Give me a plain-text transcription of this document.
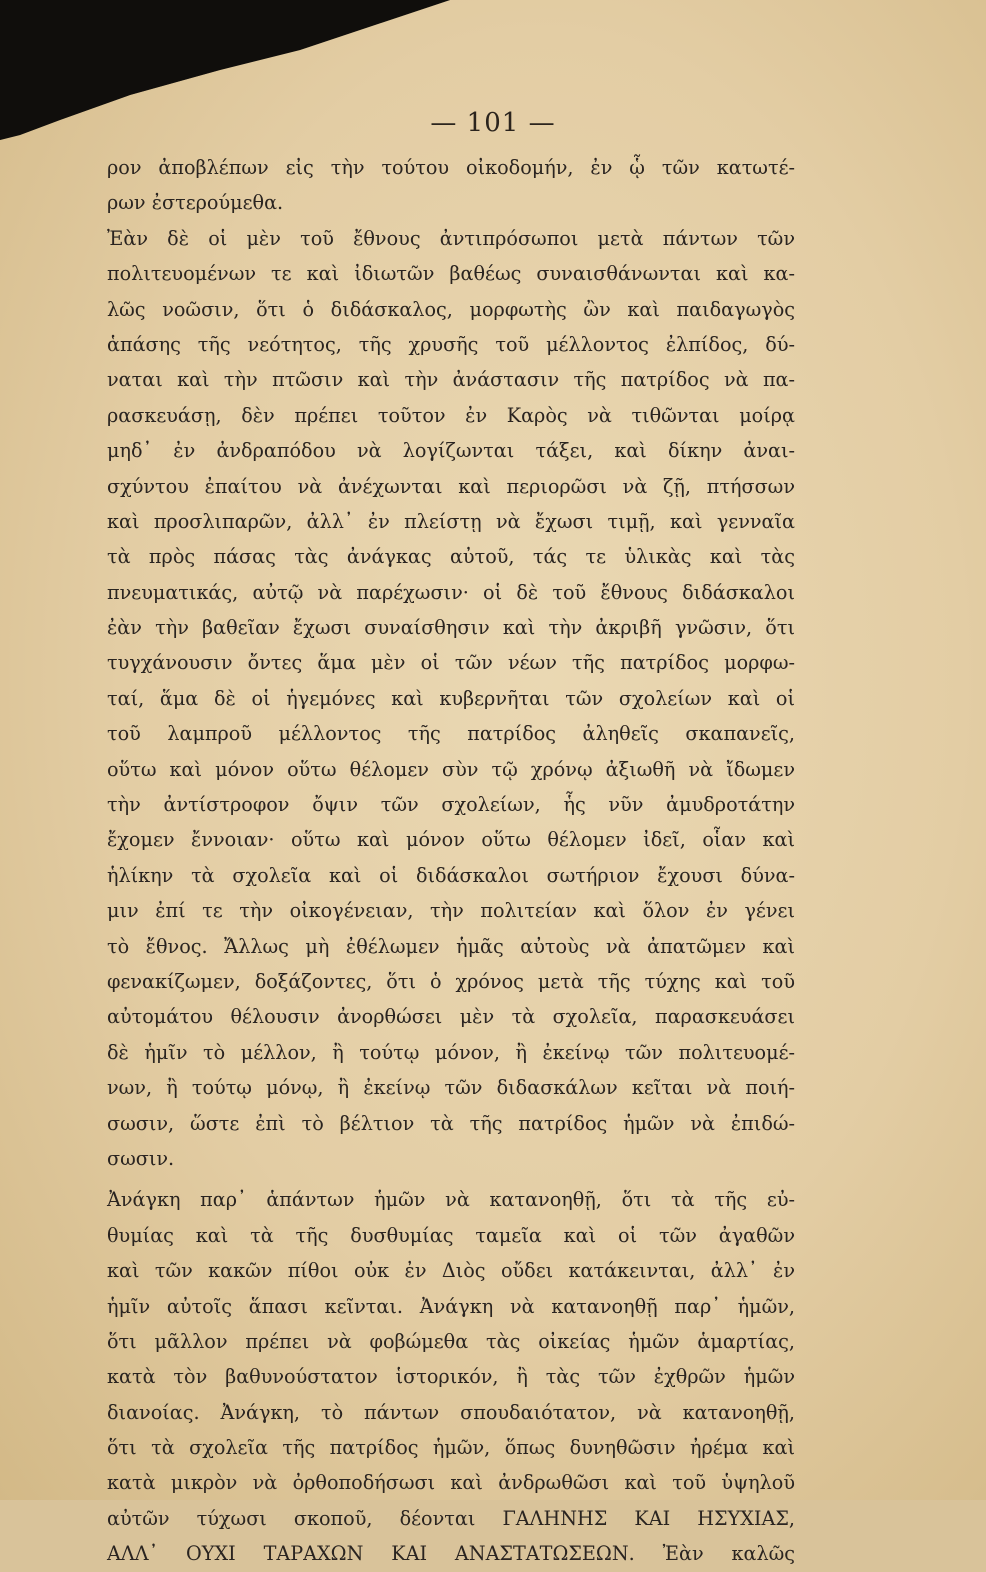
— 101 —
ρον ἀποβλέπων εἰς τὴν τούτου οἰκοδομήν, ἐν ᾧ τῶν κατωτέ-
ρων ἐστερούμεθα.
Ἐὰν δὲ οἱ μὲν τοῦ ἔθνους ἀντιπρόσωποι μετὰ πάντων τῶν
πολιτευομένων τε καὶ ἰδιωτῶν βαθέως συναισθάνωνται καὶ κα-
λῶς νοῶσιν, ὅτι ὁ διδάσκαλος, μορφωτὴς ὢν καὶ παιδαγωγὸς
ἁπάσης τῆς νεότητος, τῆς χρυσῆς τοῦ μέλλοντος ἐλπίδος, δύ-
ναται καὶ τὴν πτῶσιν καὶ τὴν ἀνάστασιν τῆς πατρίδος νὰ πα-
ρασκευάσῃ, δὲν πρέπει τοῦτον ἐν Καρὸς νὰ τιθῶνται μοίρᾳ
μηδ᾽ ἐν ἀνδραπόδου νὰ λογίζωνται τάξει, καὶ δίκην ἀναι-
σχύντου ἐπαίτου νὰ ἀνέχωνται καὶ περιορῶσι νὰ ζῇ, πτήσσων
καὶ προσλιπαρῶν, ἀλλ᾽ ἐν πλείστῃ νὰ ἔχωσι τιμῇ, καὶ γενναῖα
τὰ πρὸς πάσας τὰς ἀνάγκας αὐτοῦ, τάς τε ὑλικὰς καὶ τὰς
πνευματικάς, αὐτῷ νὰ παρέχωσιν· οἱ δὲ τοῦ ἔθνους διδάσκαλοι
ἐὰν τὴν βαθεῖαν ἔχωσι συναίσθησιν καὶ τὴν ἀκριβῆ γνῶσιν, ὅτι
τυγχάνουσιν ὄντες ἅμα μὲν οἱ τῶν νέων τῆς πατρίδος μορφω-
ταί, ἅμα δὲ οἱ ἡγεμόνες καὶ κυβερνῆται τῶν σχολείων καὶ οἱ
τοῦ λαμπροῦ μέλλοντος τῆς πατρίδος ἀληθεῖς σκαπανεῖς,
οὕτω καὶ μόνον οὕτω θέλομεν σὺν τῷ χρόνῳ ἀξιωθῆ νὰ ἴδωμεν
τὴν ἀντίστροφον ὄψιν τῶν σχολείων, ἧς νῦν ἀμυδροτάτην
ἔχομεν ἔννοιαν· οὕτω καὶ μόνον οὕτω θέλομεν ἰδεῖ, οἷαν καὶ
ἡλίκην τὰ σχολεῖα καὶ οἱ διδάσκαλοι σωτήριον ἔχουσι δύνα-
μιν ἐπί τε τὴν οἰκογένειαν, τὴν πολιτείαν καὶ ὅλον ἐν γένει
τὸ ἔθνος. Ἄλλως μὴ ἐθέλωμεν ἡμᾶς αὐτοὺς νὰ ἀπατῶμεν καὶ
φενακίζωμεν, δοξάζοντες, ὅτι ὁ χρόνος μετὰ τῆς τύχης καὶ τοῦ
αὐτομάτου θέλουσιν ἀνορθώσει μὲν τὰ σχολεῖα, παρασκευάσει
δὲ ἡμῖν τὸ μέλλον, ἢ τούτῳ μόνον, ἢ ἐκείνῳ τῶν πολιτευομέ-
νων, ἢ τούτῳ μόνῳ, ἢ ἐκείνῳ τῶν διδασκάλων κεῖται νὰ ποιή-
σωσιν, ὥστε ἐπὶ τὸ βέλτιον τὰ τῆς πατρίδος ἡμῶν νὰ ἐπιδώ-
σωσιν.
Ἀνάγκη παρ᾽ ἁπάντων ἡμῶν νὰ κατανοηθῇ, ὅτι τὰ τῆς εὐ-
θυμίας καὶ τὰ τῆς δυσθυμίας ταμεῖα καὶ οἱ τῶν ἀγαθῶν
καὶ τῶν κακῶν πίθοι οὐκ ἐν Διὸς οὔδει κατάκεινται, ἀλλ᾽ ἐν
ἡμῖν αὐτοῖς ἅπασι κεῖνται. Ἀνάγκη νὰ κατανοηθῇ παρ᾽ ἡμῶν,
ὅτι μᾶλλον πρέπει νὰ φοβώμεθα τὰς οἰκείας ἡμῶν ἁμαρτίας,
κατὰ τὸν βαθυνούστατον ἱστορικόν, ἢ τὰς τῶν ἐχθρῶν ἡμῶν
διανοίας. Ἀνάγκη, τὸ πάντων σπουδαιότατον, νὰ κατανοηθῇ,
ὅτι τὰ σχολεῖα τῆς πατρίδος ἡμῶν, ὅπως δυνηθῶσιν ἠρέμα καὶ
κατὰ μικρὸν νὰ ὀρθοποδήσωσι καὶ ἀνδρωθῶσι καὶ τοῦ ὑψηλοῦ
αὐτῶν τύχωσι σκοποῦ, δέονται ΓΑΛΗΝΗΣ ΚΑΙ ΗΣΥΧΙΑΣ,
ΑΛΛ᾽ ΟΥΧΙ ΤΑΡΑΧΩΝ ΚΑΙ ΑΝΑΣΤΑΤΩΣΕΩΝ. Ἐὰν καλῶς
